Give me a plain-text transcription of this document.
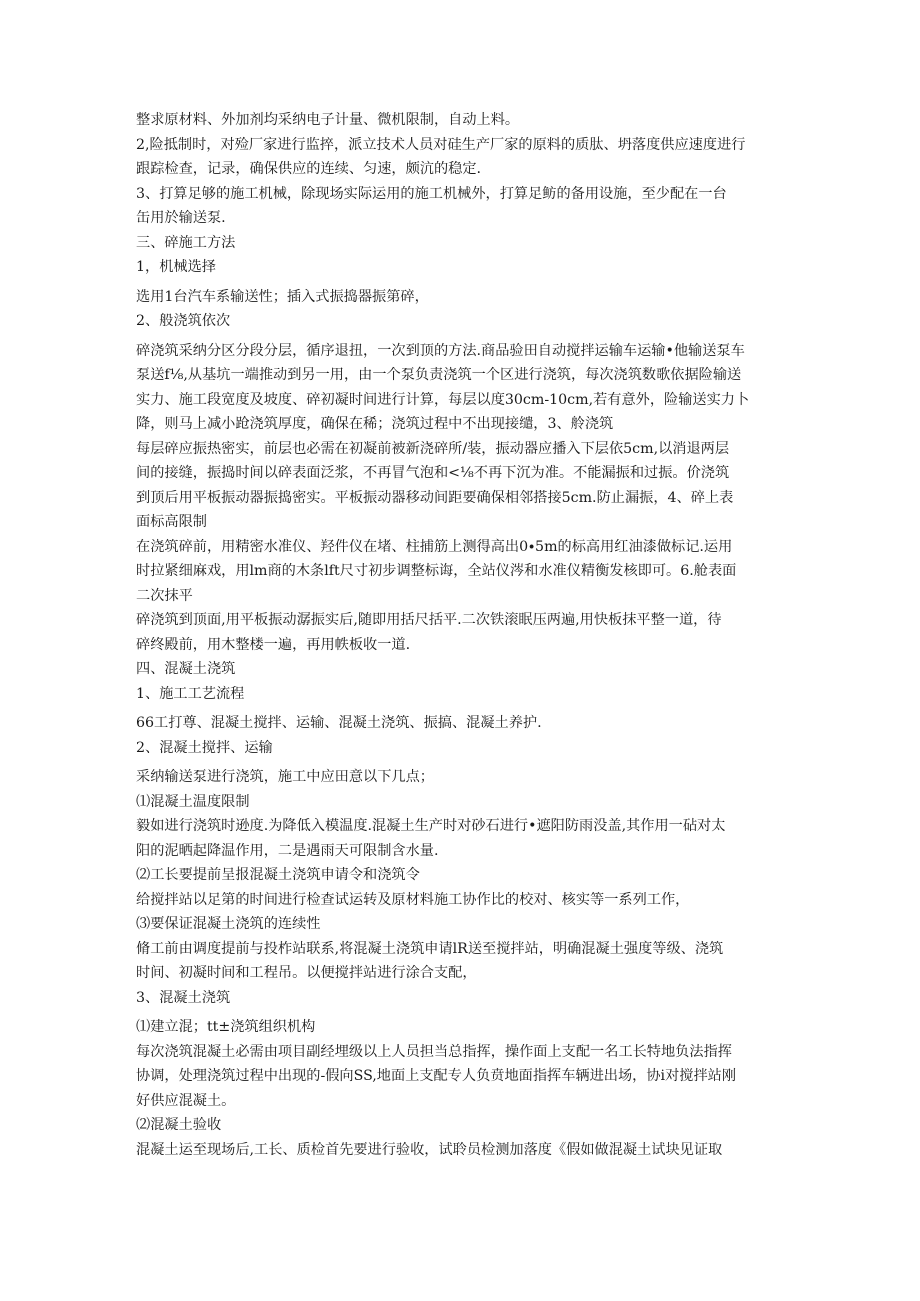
整求原材料、外加剂均采纳电子计量、微机限制，自动上料。
2,险抵制时，对殓厂家进行监捽，派立技术人员对硅生产厂家的原料的质肽、坍落度供应速度进行
跟踪检查，记录，确保供应的连续、匀速，颇沆的稳定.
3、打算足够的施工机械，除现场实际运用的施工机械外，打算足鲂的备用设施，至少配在一台
缶用於输送泵.
三、碎施工方法
1，机械选择
选用1台汽车系输送性；插入式振捣器振第碎，
2、般浇筑依次
碎浇筑采纳分区分段分层，循序退扭，一次到顶的方法.商品验田自动搅拌运输车运输•他输送泵车
泵送f⅛,从基坑一端推动到另一用，由一个泵负责浇筑一个区进行浇筑，每次浇筑数歌依据险输送
实力、施工段宽度及坡度、碎初凝时间进行计算，每层以度30cm-10cm,若有意外，险输送实力卜
降，则马上减小跄浇筑厚度，确保在稀；浇筑过程中不出现接缱，3、舲浇筑
每层碎应振热密实，前层也必需在初凝前被新浇碎所/装，振动器应播入下层依5cm,以消退两层
间的接缝，振捣时间以碎表面泛浆，不再冒气泡和<⅛不再下沉为准。不能漏振和过振。价浇筑
到顶后用平板振动器振捣密实。平板振动器移动间距要确保相邻搭接5cm.防止漏振，4、碎上表
面标高限制
在浇筑碎前，用精密水准仪、羟件仪在堵、柱捕筋上测得高出0∙5m的标高用红油漆做标记.运用
时拉紧细麻戏，用lm商的木条lft尺寸初步调整标诲，全站仪涔和水准仪精衡发核即可。6.舱表面
二次抹平
碎浇筑到顶面,用平板振动潺振实后,随即用括尺括平.二次铁滚眠压两遍,用快板抹平整一道，待
碎终殿前，用木整楼一遍，再用帙板收一道.
四、混凝土浇筑
1、施工工艺流程
66工打尊、混凝土搅拌、运输、混凝土浇筑、振搞、混凝土养护.
2、混凝土搅拌、运输
采纳输送泵进行浇筑，施工中应田意以下几点；
⑴混凝土温度限制
毅如进行浇筑时逊度.为降低入模温度.混凝土生产时对砂石进行•遮阳防雨没盖,其作用一砧对太
阳的泥晒起降温作用，二是遇雨天可限制含水量.
⑵工长要提前呈报混凝土浇筑申请令和浇筑令
给搅拌站以足第的时间进行检查试运转及原材料施工协作比的校对、核实等一系列工作，
⑶要保证混凝土浇筑的连续性
脩工前由调度提前与投柞站联系,将混凝土浇筑申请lR送至搅拌站，明确混凝土强度等级、浇筑
时间、初凝时间和工程吊。以便搅拌站进行涂合支配，
3、混凝土浇筑
⑴建立混；tt±浇筑组织机构
每次浇筑混凝土必需由项目副经埋级以上人员担当总指挥，操作面上支配一名工长特地负法指挥
协调，处理浇筑过程中出现的-假向SS,地面上支配专人负贲地面指挥车辆进出场，协i对搅拌站刚
好供应混凝土。
⑵混凝土验收
混凝土运至现场后,工长、质检首先要进行验收，试聆员检测加落度《假如做混凝土试块见证取
